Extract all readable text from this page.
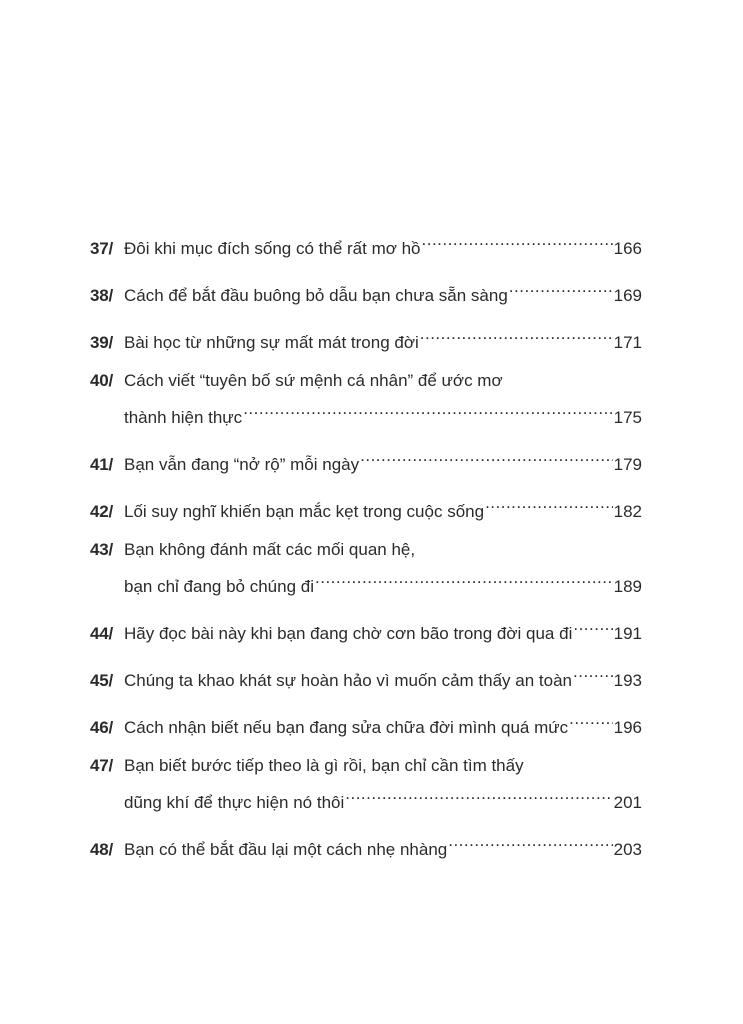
37/ Đôi khi mục đích sống có thể rất mơ hồ .....	166
38/ Cách để bắt đầu buông bỏ dẫu bạn chưa sẵn sàng .....	169
39/ Bài học từ những sự mất mát trong đời .....	171
40/ Cách viết “tuyên bố sứ mệnh cá nhân” để ước mơ
thành hiện thực .....	175
41/ Bạn vẫn đang “nở rộ” mỗi ngày .....	179
42/ Lối suy nghĩ khiến bạn mắc kẹt trong cuộc sống .....	182
43/ Bạn không đánh mất các mối quan hệ,
bạn chỉ đang bỏ chúng đi .....	189
44/ Hãy đọc bài này khi bạn đang chờ cơn bão trong đời qua đi ..... 191
45/ Chúng ta khao khát sự hoàn hảo vì muốn cảm thấy an toàn ..... 193
46/ Cách nhận biết nếu bạn đang sửa chữa đời mình quá mức .....	196
47/ Bạn biết bước tiếp theo là gì rồi, bạn chỉ cần tìm thấy
dũng khí để thực hiện nó thôi .....	201
48/ Bạn có thể bắt đầu lại một cách nhẹ nhàng .....	203
